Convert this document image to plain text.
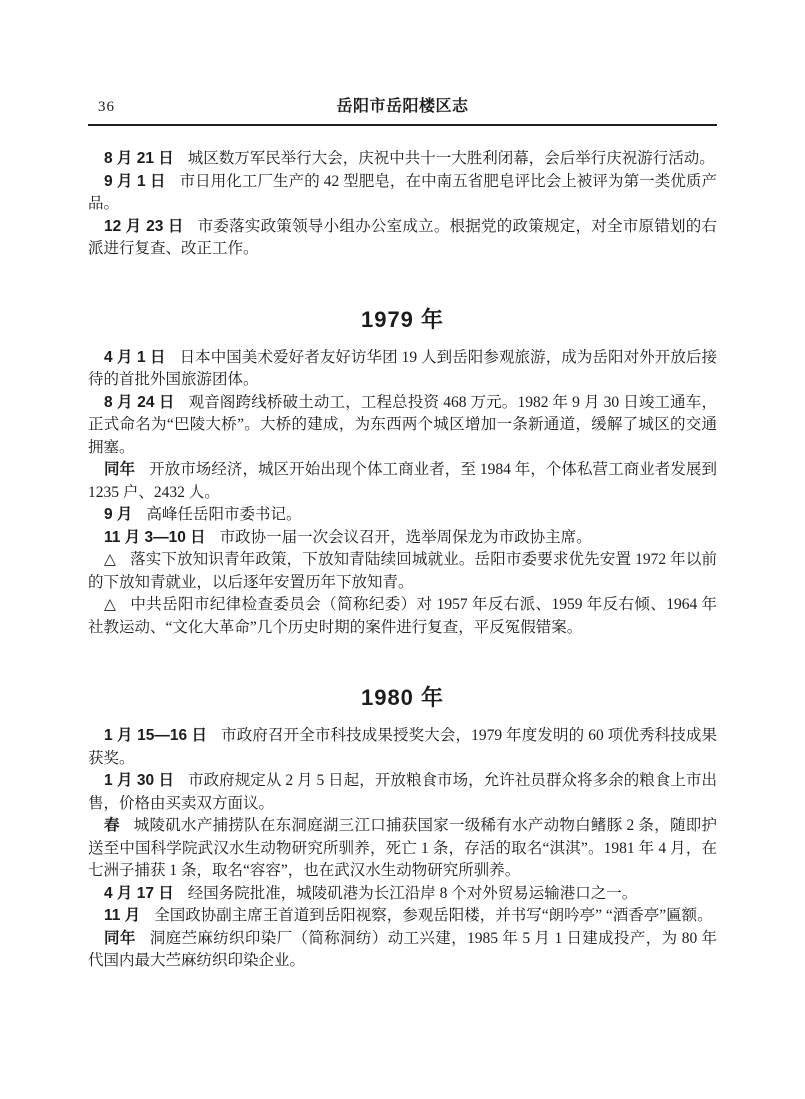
36	岳阳市岳阳楼区志

8 月 21 日 城区数万军民举行大会，庆祝中共十一大胜利闭幕，会后举行庆祝游行活动。

9 月 1 日 市日用化工厂生产的 42 型肥皂，在中南五省肥皂评比会上被评为第一类优质产品。

12 月 23 日 市委落实政策领导小组办公室成立。根据党的政策规定，对全市原错划的右派进行复查、改正工作。

1979 年

4 月 1 日 日本中国美术爱好者友好访华团 19 人到岳阳参观旅游，成为岳阳对外开放后接待的首批外国旅游团体。

8 月 24 日 观音阁跨线桥破土动工，工程总投资 468 万元。1982 年 9 月 30 日竣工通车，正式命名为“巴陵大桥”。大桥的建成，为东西两个城区增加一条新通道，缓解了城区的交通拥塞。

同年 开放市场经济，城区开始出现个体工商业者，至 1984 年，个体私营工商业者发展到 1235 户、2432 人。

9 月 高峰任岳阳市委书记。

11 月 3—10 日 市政协一届一次会议召开，选举周保龙为市政协主席。

△ 落实下放知识青年政策，下放知青陆续回城就业。岳阳市委要求优先安置 1972 年以前的下放知青就业，以后逐年安置历年下放知青。

△ 中共岳阳市纪律检查委员会（简称纪委）对 1957 年反右派、1959 年反右倾、1964 年社教运动、“文化大革命”几个历史时期的案件进行复查，平反冤假错案。

1980 年

1 月 15—16 日 市政府召开全市科技成果授奖大会，1979 年度发明的 60 项优秀科技成果获奖。

1 月 30 日 市政府规定从 2 月 5 日起，开放粮食市场，允许社员群众将多余的粮食上市出售，价格由买卖双方面议。

春 城陵矶水产捕捞队在东洞庭湖三江口捕获国家一级稀有水产动物白鳍豚 2 条，随即护送至中国科学院武汉水生动物研究所驯养，死亡 1 条，存活的取名“淇淇”。1981 年 4 月，在七洲子捕获 1 条，取名“容容”，也在武汉水生动物研究所驯养。

4 月 17 日 经国务院批准，城陵矶港为长江沿岸 8 个对外贸易运输港口之一。

11 月 全国政协副主席王首道到岳阳视察，参观岳阳楼，并书写“朗吟亭” “酒香亭”匾额。

同年 洞庭苎麻纺织印染厂（简称洞纺）动工兴建，1985 年 5 月 1 日建成投产，为 80 年代国内最大苎麻纺织印染企业。
